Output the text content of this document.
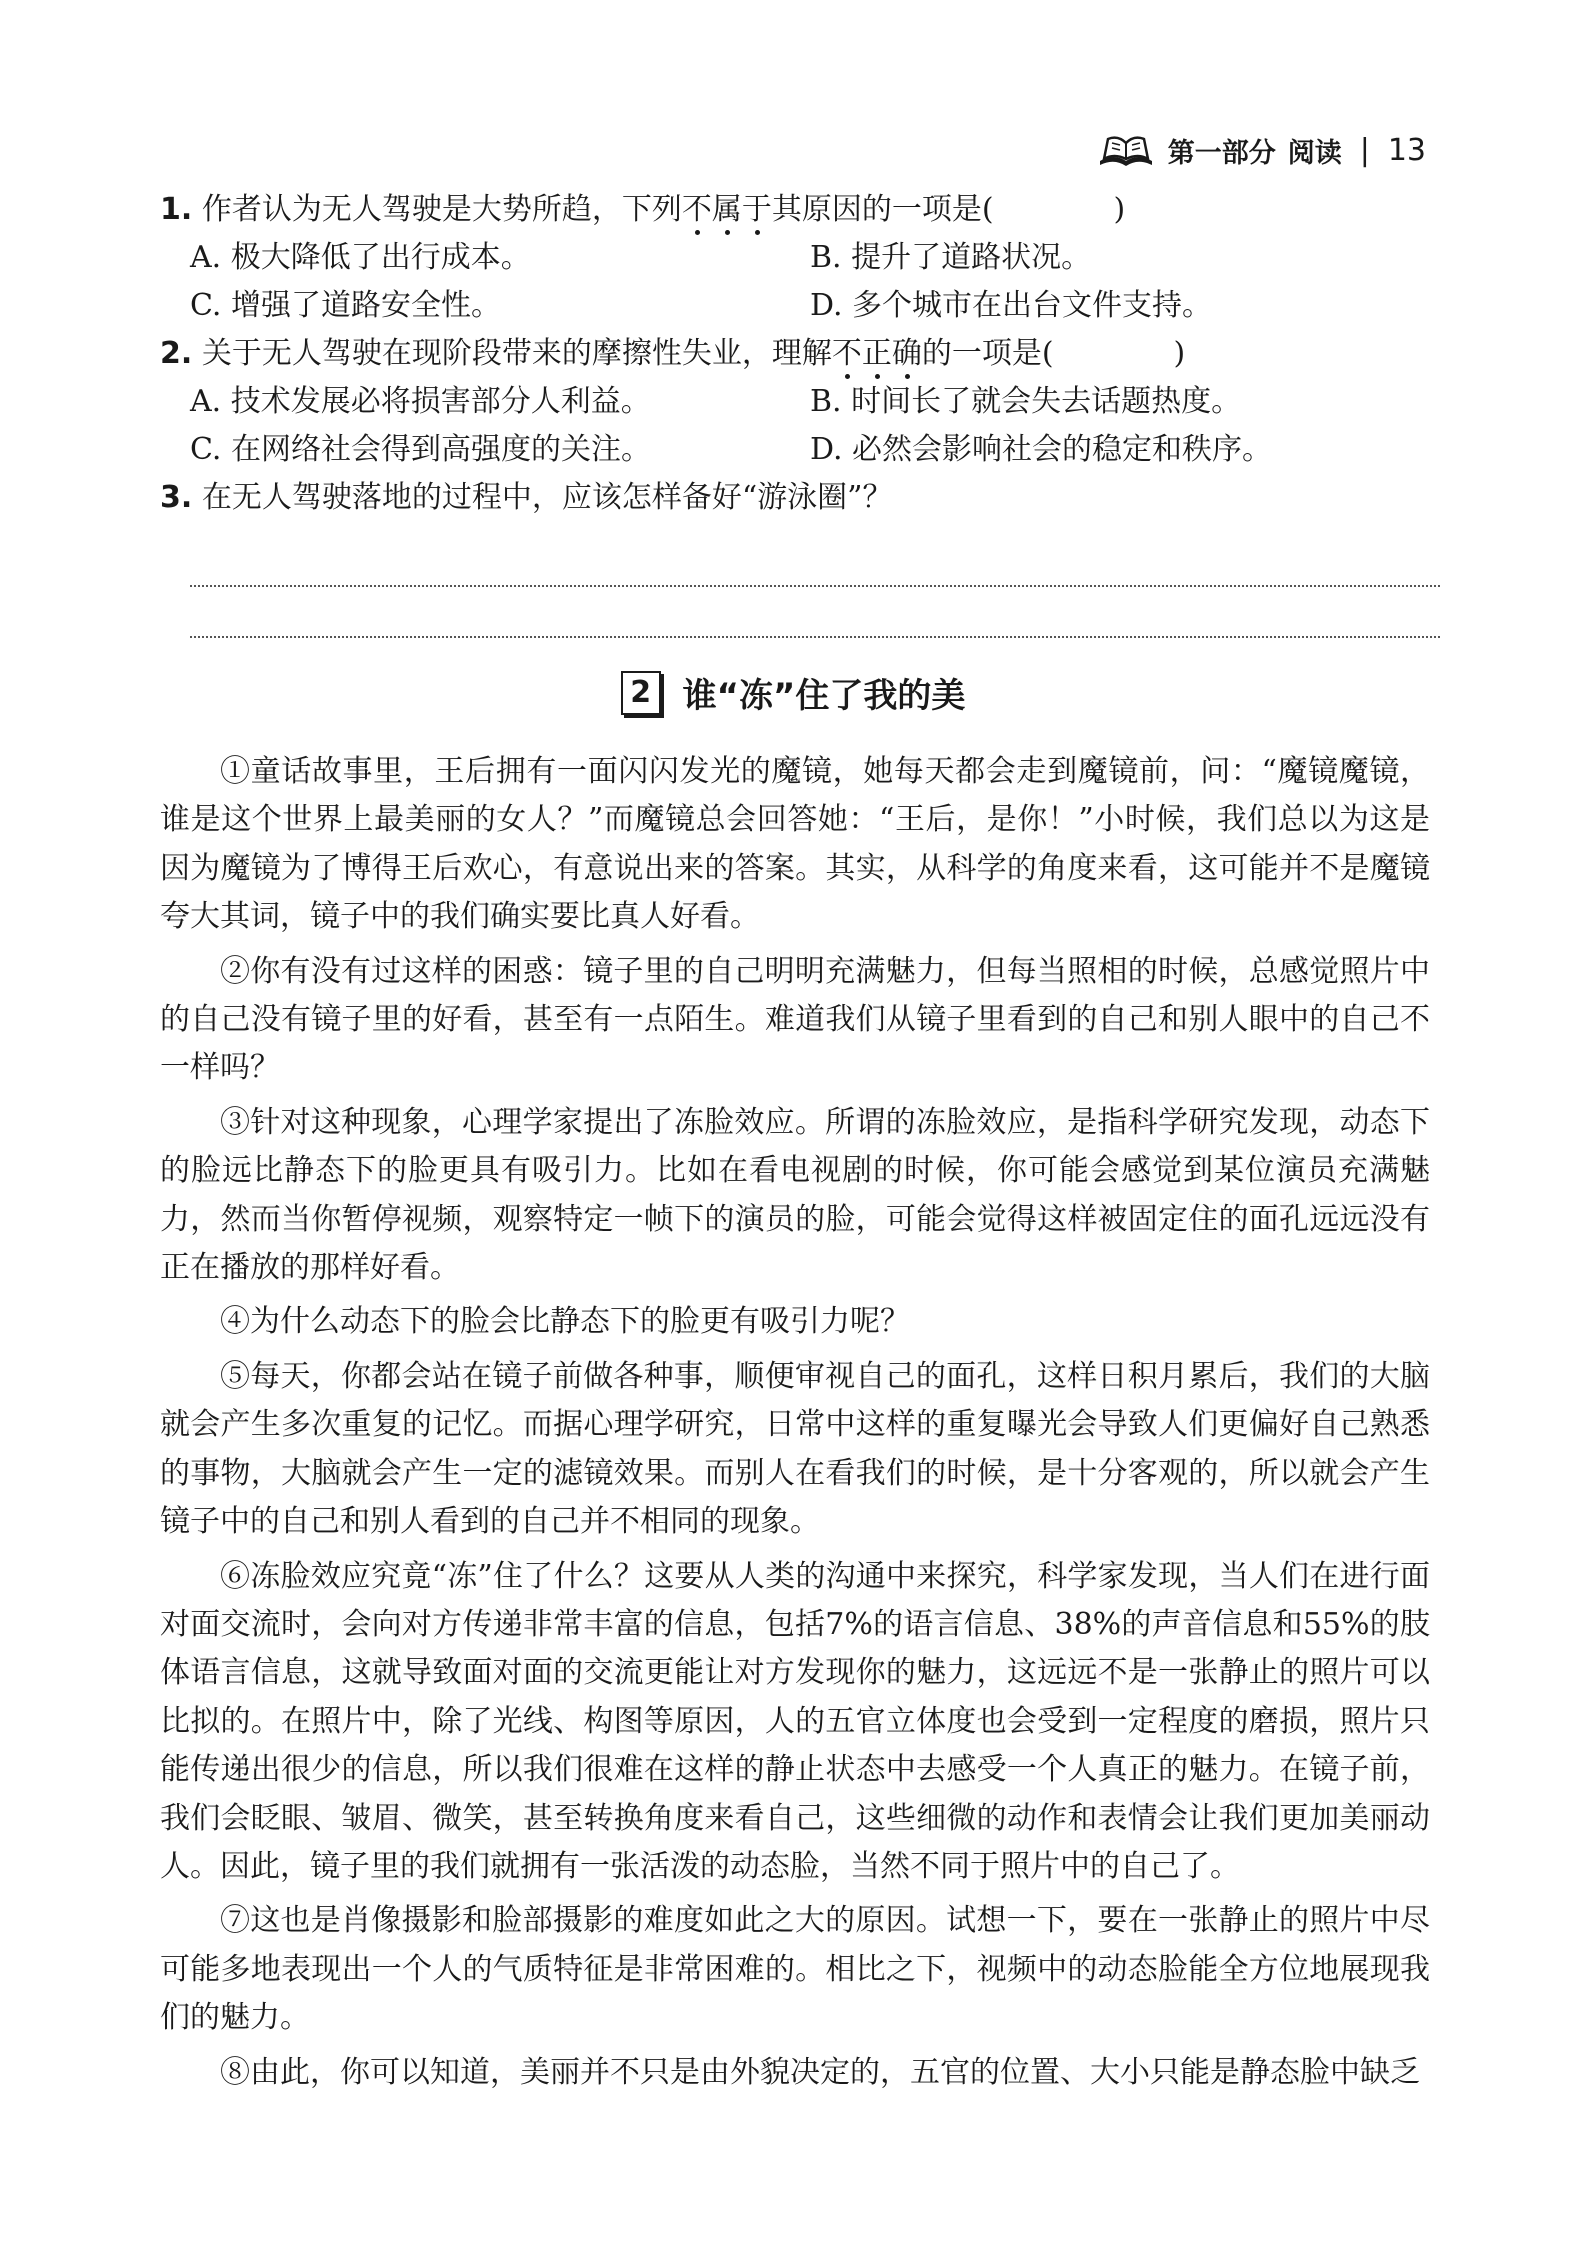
第一部分 阅读 | 13
1. 作者认为无人驾驶是大势所趋，下列不属于其原因的一项是(	)
A. 极大降低了出行成本。	B. 提升了道路状况。
C. 增强了道路安全性。	D. 多个城市在出台文件支持。
2. 关于无人驾驶在现阶段带来的摩擦性失业，理解不正确的一项是(	)
A. 技术发展必将损害部分人利益。	B. 时间长了就会失去话题热度。
C. 在网络社会得到高强度的关注。	D. 必然会影响社会的稳定和秩序。
3. 在无人驾驶落地的过程中，应该怎样备好“游泳圈”？
2 谁“冻”住了我的美

①童话故事里，王后拥有一面闪闪发光的魔镜，她每天都会走到魔镜前，问：“魔镜魔镜，谁是这个世界上最美丽的女人？”而魔镜总会回答她：“王后，是你！”小时候，我们总以为这是因为魔镜为了博得王后欢心，有意说出来的答案。其实，从科学的角度来看，这可能并不是魔镜夸大其词，镜子中的我们确实要比真人好看。

②你有没有过这样的困惑：镜子里的自己明明充满魅力，但每当照相的时候，总感觉照片中的自己没有镜子里的好看，甚至有一点陌生。难道我们从镜子里看到的自己和别人眼中的自己不一样吗？

③针对这种现象，心理学家提出了冻脸效应。所谓的冻脸效应，是指科学研究发现，动态下的脸远比静态下的脸更具有吸引力。比如在看电视剧的时候，你可能会感觉到某位演员充满魅力，然而当你暂停视频，观察特定一帧下的演员的脸，可能会觉得这样被固定住的面孔远远没有正在播放的那样好看。

④为什么动态下的脸会比静态下的脸更有吸引力呢？

⑤每天，你都会站在镜子前做各种事，顺便审视自己的面孔，这样日积月累后，我们的大脑就会产生多次重复的记忆。而据心理学研究，日常中这样的重复曝光会导致人们更偏好自己熟悉的事物，大脑就会产生一定的滤镜效果。而别人在看我们的时候，是十分客观的，所以就会产生镜子中的自己和别人看到的自己并不相同的现象。

⑥冻脸效应究竟“冻”住了什么？这要从人类的沟通中来探究，科学家发现，当人们在进行面对面交流时，会向对方传递非常丰富的信息，包括7%的语言信息、38%的声音信息和55%的肢体语言信息，这就导致面对面的交流更能让对方发现你的魅力，这远远不是一张静止的照片可以比拟的。在照片中，除了光线、构图等原因，人的五官立体度也会受到一定程度的磨损，照片只能传递出很少的信息，所以我们很难在这样的静止状态中去感受一个人真正的魅力。在镜子前，我们会眨眼、皱眉、微笑，甚至转换角度来看自己，这些细微的动作和表情会让我们更加美丽动人。因此，镜子里的我们就拥有一张活泼的动态脸，当然不同于照片中的自己了。

⑦这也是肖像摄影和脸部摄影的难度如此之大的原因。试想一下，要在一张静止的照片中尽可能多地表现出一个人的气质特征是非常困难的。相比之下，视频中的动态脸能全方位地展现我们的魅力。

⑧由此，你可以知道，美丽并不只是由外貌决定的，五官的位置、大小只能是静态脸中缺乏
